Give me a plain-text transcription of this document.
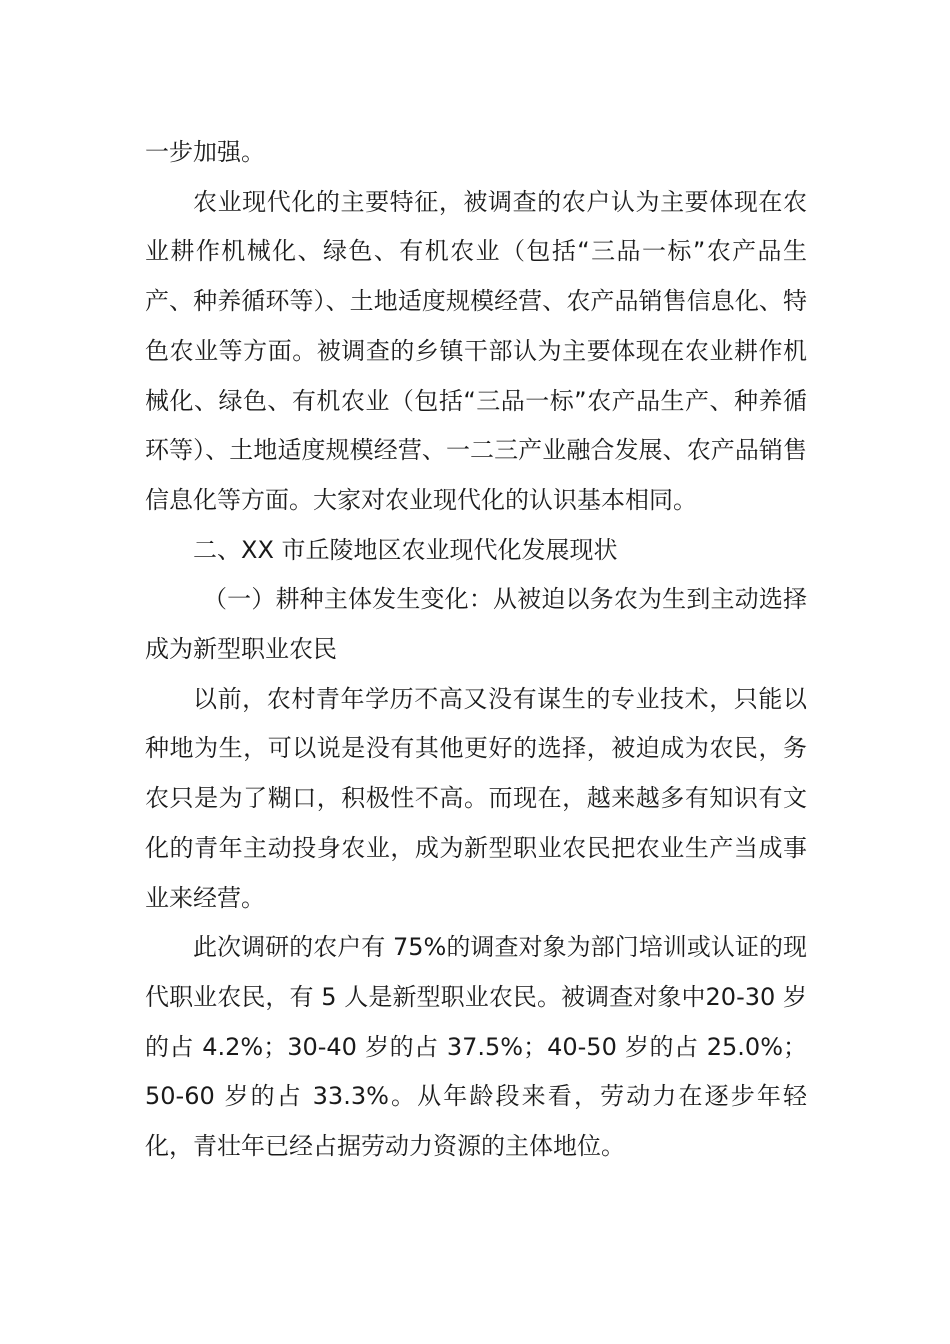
一步加强。

农业现代化的主要特征，被调查的农户认为主要体现在农业耕作机械化、绿色、有机农业（包括“三品一标”农产品生产、种养循环等）、土地适度规模经营、农产品销售信息化、特色农业等方面。被调查的乡镇干部认为主要体现在农业耕作机械化、绿色、有机农业（包括“三品一标”农产品生产、种养循环等）、土地适度规模经营、一二三产业融合发展、农产品销售信息化等方面。大家对农业现代化的认识基本相同。

二、XX 市丘陵地区农业现代化发展现状

（一）耕种主体发生变化：从被迫以务农为生到主动选择成为新型职业农民

以前，农村青年学历不高又没有谋生的专业技术，只能以种地为生，可以说是没有其他更好的选择，被迫成为农民，务农只是为了糊口，积极性不高。而现在，越来越多有知识有文化的青年主动投身农业，成为新型职业农民把农业生产当成事业来经营。

此次调研的农户有 75%的调查对象为部门培训或认证的现代职业农民，有 5 人是新型职业农民。被调查对象中20-30 岁的占 4.2%；30-40 岁的占 37.5%；40-50 岁的占 25.0%；50-60 岁的占 33.3%。从年龄段来看，劳动力在逐步年轻化，青壮年已经占据劳动力资源的主体地位。
